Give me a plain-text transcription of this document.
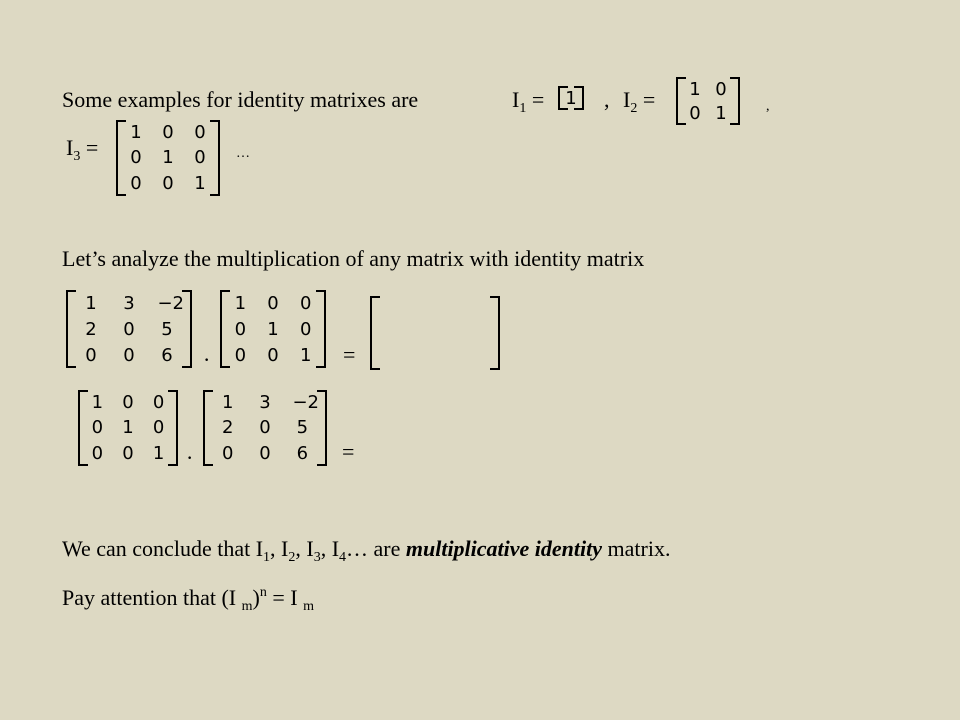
Some examples for identity matrixes are	$I_1$ =	1	, $I_2$ =	1 0
0 1	,
$I_3$ =
1	0	0
0	1	0
0	0	1
…
Let’s analyze the multiplication of any matrix with identity matrix
1	3	−2
2	0	5
0	0	6	·
1	0	0
0	1	0
0	0	1	=
1	0	0
0	1	0
0	0	1 ·
1	3	−2
2	0	5
0	0	6	=
We can conclude that $I_1$, $I_2$, $I_3$, $I_4\dots$ are multiplicative identity matrix.
Pay attention that (I $_m$)$^n$ = I $_m$
